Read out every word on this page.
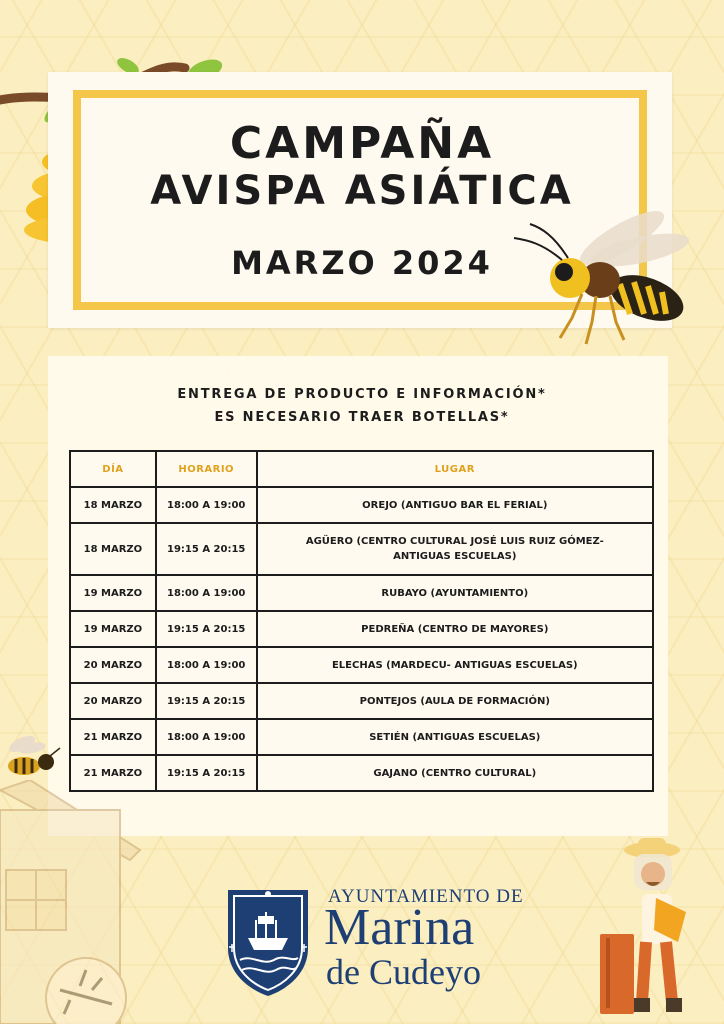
CAMPAÑA
AVISPA ASIÁTICA
MARZO 2024
ENTREGA DE PRODUCTO E INFORMACIÓN*
ES NECESARIO TRAER BOTELLAS*
DÍA	HORARIO	LUGAR
18 MARZO	18:00 A 19:00	OREJO (ANTIGUO BAR EL FERIAL)
18 MARZO	19:15 A 20:15	AGÜERO (CENTRO CULTURAL JOSÉ LUIS RUIZ GÓMEZ-
ANTIGUAS ESCUELAS)

19 MARZO	18:00 A 19:00	RUBAYO (AYUNTAMIENTO)
19 MARZO	19:15 A 20:15	PEDREÑA (CENTRO DE MAYORES)
20 MARZO	18:00 A 19:00	ELECHAS (MARDECU- ANTIGUAS ESCUELAS)
20 MARZO	19:15 A 20:15	PONTEJOS (AULA DE FORMACIÓN)
21 MARZO	18:00 A 19:00	SETIÉN (ANTIGUAS ESCUELAS)
21 MARZO	19:15 A 20:15	GAJANO (CENTRO CULTURAL)
AYUNTAMIENTO DE
Marina
de Cudeyo
